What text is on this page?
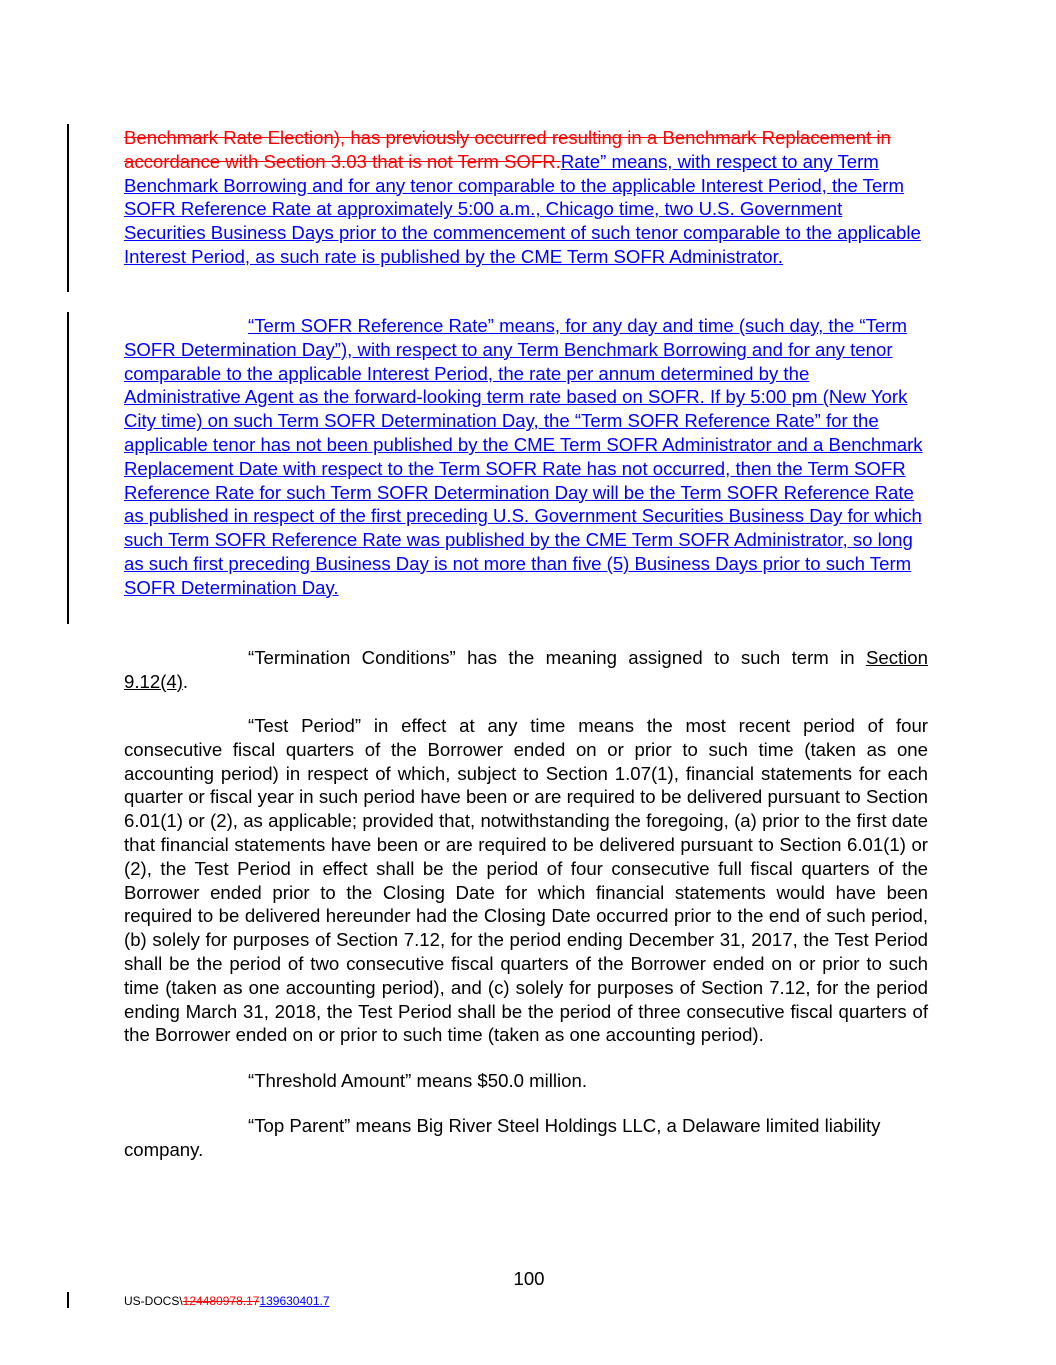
Benchmark Rate Election), has previously occurred resulting in a Benchmark Replacement in accordance with Section 3.03 that is not Term SOFR.Rate” means, with respect to any Term Benchmark Borrowing and for any tenor comparable to the applicable Interest Period, the Term SOFR Reference Rate at approximately 5:00 a.m., Chicago time, two U.S. Government Securities Business Days prior to the commencement of such tenor comparable to the applicable Interest Period, as such rate is published by the CME Term SOFR Administrator.

“Term SOFR Reference Rate” means, for any day and time (such day, the “Term SOFR Determination Day”), with respect to any Term Benchmark Borrowing and for any tenor comparable to the applicable Interest Period, the rate per annum determined by the Administrative Agent as the forward-looking term rate based on SOFR. If by 5:00 pm (New York City time) on such Term SOFR Determination Day, the “Term SOFR Reference Rate” for the applicable tenor has not been published by the CME Term SOFR Administrator and a Benchmark Replacement Date with respect to the Term SOFR Rate has not occurred, then the Term SOFR Reference Rate for such Term SOFR Determination Day will be the Term SOFR Reference Rate as published in respect of the first preceding U.S. Government Securities Business Day for which such Term SOFR Reference Rate was published by the CME Term SOFR Administrator, so long as such first preceding Business Day is not more than five (5) Business Days prior to such Term SOFR Determination Day.

“Termination Conditions” has the meaning assigned to such term in Section 9.12(4).

“Test Period” in effect at any time means the most recent period of four consecutive fiscal quarters of the Borrower ended on or prior to such time (taken as one accounting period) in respect of which, subject to Section 1.07(1), financial statements for each quarter or fiscal year in such period have been or are required to be delivered pursuant to Section 6.01(1) or (2), as applicable; provided that, notwithstanding the foregoing, (a) prior to the first date that financial statements have been or are required to be delivered pursuant to Section 6.01(1) or (2), the Test Period in effect shall be the period of four consecutive full fiscal quarters of the Borrower ended prior to the Closing Date for which financial statements would have been required to be delivered hereunder had the Closing Date occurred prior to the end of such period, (b) solely for purposes of Section 7.12, for the period ending December 31, 2017, the Test Period shall be the period of two consecutive fiscal quarters of the Borrower ended on or prior to such time (taken as one accounting period), and (c) solely for purposes of Section 7.12, for the period ending March 31, 2018, the Test Period shall be the period of three consecutive fiscal quarters of the Borrower ended on or prior to such time (taken as one accounting period).

“Threshold Amount” means $50.0 million.

“Top Parent” means Big River Steel Holdings LLC, a Delaware limited liability company.

100
US-DOCS\124480978.17139630401.7
